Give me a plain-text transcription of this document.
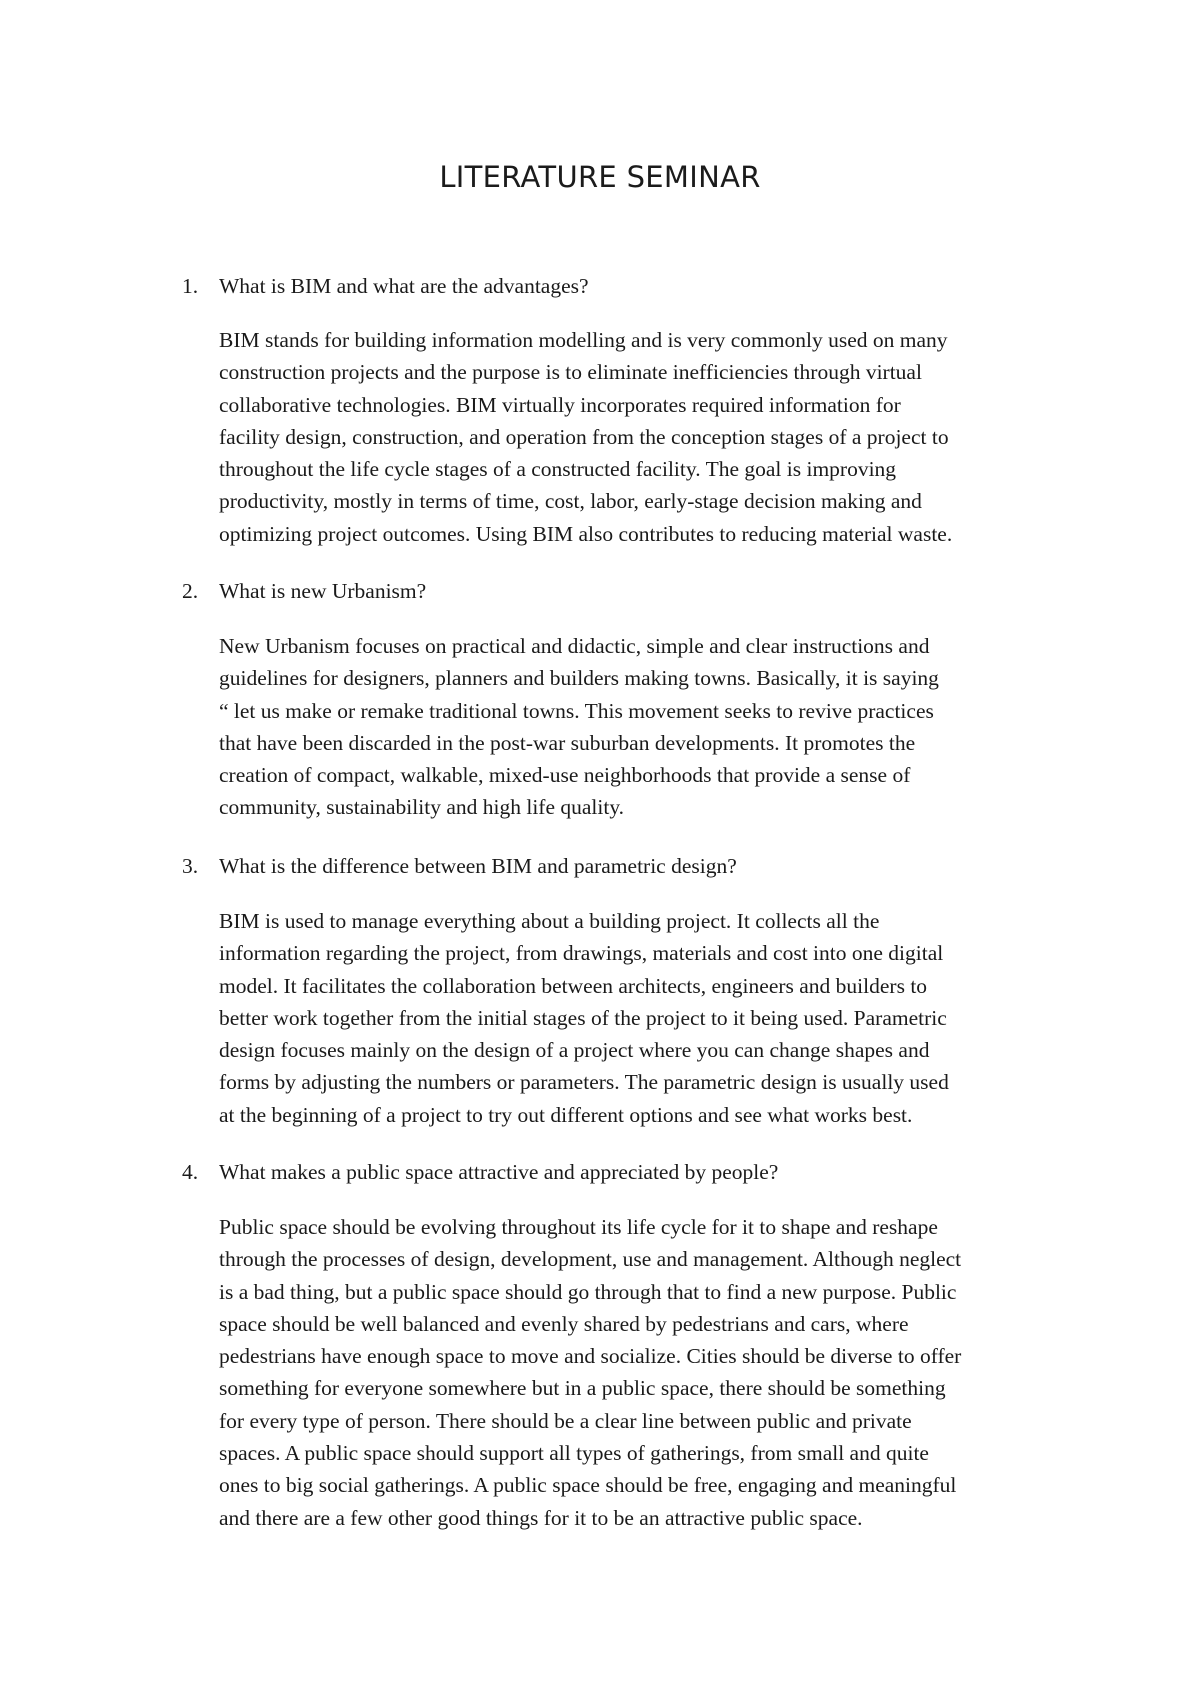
LITERATURE SEMINAR
1. What is BIM and what are the advantages?
BIM stands for building information modelling and is very commonly used on many
construction projects and the purpose is to eliminate inefficiencies through virtual
collaborative technologies. BIM virtually incorporates required information for
facility design, construction, and operation from the conception stages of a project to
throughout the life cycle stages of a constructed facility. The goal is improving
productivity, mostly in terms of time, cost, labor, early-stage decision making and
optimizing project outcomes. Using BIM also contributes to reducing material waste.
2. What is new Urbanism?
New Urbanism focuses on practical and didactic, simple and clear instructions and
guidelines for designers, planners and builders making towns. Basically, it is saying
“ let us make or remake traditional towns. This movement seeks to revive practices
that have been discarded in the post-war suburban developments. It promotes the
creation of compact, walkable, mixed-use neighborhoods that provide a sense of
community, sustainability and high life quality.
3. What is the difference between BIM and parametric design?
BIM is used to manage everything about a building project. It collects all the
information regarding the project, from drawings, materials and cost into one digital
model. It facilitates the collaboration between architects, engineers and builders to
better work together from the initial stages of the project to it being used. Parametric
design focuses mainly on the design of a project where you can change shapes and
forms by adjusting the numbers or parameters. The parametric design is usually used
at the beginning of a project to try out different options and see what works best.
4. What makes a public space attractive and appreciated by people?
Public space should be evolving throughout its life cycle for it to shape and reshape
through the processes of design, development, use and management. Although neglect
is a bad thing, but a public space should go through that to find a new purpose. Public
space should be well balanced and evenly shared by pedestrians and cars, where
pedestrians have enough space to move and socialize. Cities should be diverse to offer
something for everyone somewhere but in a public space, there should be something
for every type of person. There should be a clear line between public and private
spaces. A public space should support all types of gatherings, from small and quite
ones to big social gatherings. A public space should be free, engaging and meaningful
and there are a few other good things for it to be an attractive public space.
